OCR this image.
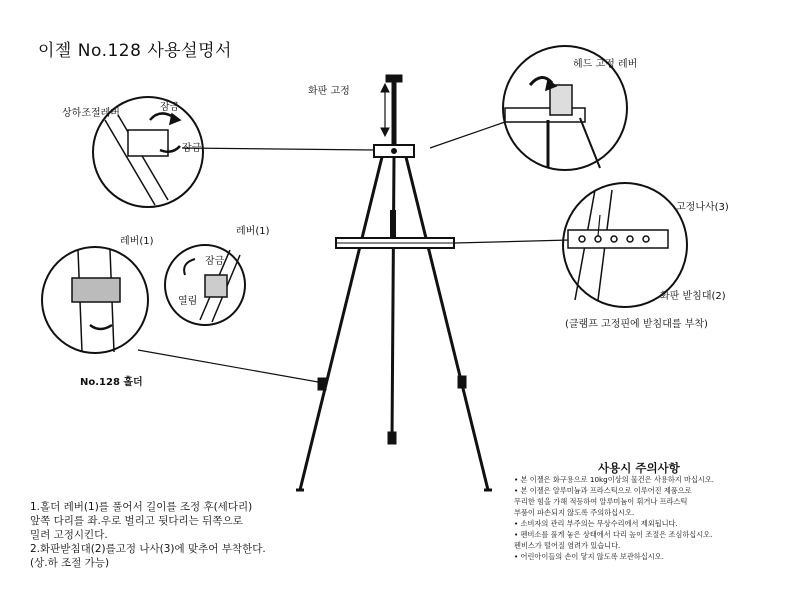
이젤 No.128 사용설명서
화판 고정
헤드 고정 레버
상하조절레버
잠금
잠금
레버(1)
레버(1)
잠금
열림
고정나사(3)
화판 받침대(2)
(클램프 고정핀에 받침대를 부착)
No.128 홀더
1.홀더 레버(1)를 풀어서 길이를 조정 후(세다리)
앞쪽 다리를 좌.우로 벌리고 뒷다리는 뒤쪽으로
밀려 고정시킨다.
2.화판받침대(2)를고정 나사(3)에 맞추어 부착한다.
(상.하 조절 가능)
사용시 주의사항
• 본 이젤은 화구용으로 10kg이상의 물건은 사용하지 마십시오.
• 본 이젤은 알루미늄과 프라스틱으로 이루어진 제품으로
무리한 힘을 가해 적등하여 알루미늄이 휘거나 프라스틱
부품이 파손되지 않도록 주의하십시오.
• 소비자의 관리 부주의는 무상수리에서 제외됩니다.
• 펜비소를 풀게 놓은 상태에서 다리 높이 조절은 조심하십시오.
펜비스가 떨어질 염려가 있습니다.
• 어린아이들의 손이 닿지 않도록 보관하십시오.
